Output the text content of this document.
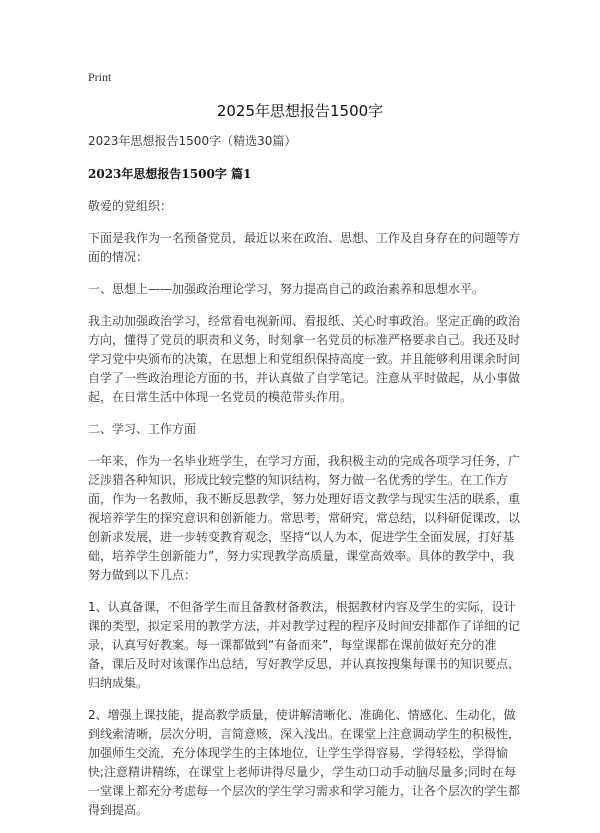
Print
2025年思想报告1500字

2023年思想报告1500字（精选30篇）

2023年思想报告1500字 篇1

敬爱的党组织：

下面是我作为一名预备党员，最近以来在政治、思想、工作及自身存在的问题等方面的情况：

一、思想上——加强政治理论学习，努力提高自己的政治素养和思想水平。

我主动加强政治学习，经常看电视新闻、看报纸、关心时事政治。坚定正确的政治方向，懂得了党员的职责和义务，时刻拿一名党员的标准严格要求自己。我还及时学习党中央颁布的决策，在思想上和党组织保持高度一致。并且能够利用课余时间自学了一些政治理论方面的书，并认真做了自学笔记。注意从平时做起，从小事做起，在日常生活中体现一名党员的模范带头作用。

二、学习、工作方面

一年来，作为一名毕业班学生，在学习方面，我积极主动的完成各项学习任务，广泛涉猎各种知识，形成比较完整的知识结构，努力做一名优秀的学生。在工作方面，作为一名教师，我不断反思教学，努力处理好语文教学与现实生活的联系，重视培养学生的探究意识和创新能力。常思考，常研究，常总结，以科研促课改，以创新求发展，进一步转变教育观念，坚持“以人为本，促进学生全面发展，打好基础，培养学生创新能力”，努力实现教学高质量，课堂高效率。具体的教学中，我努力做到以下几点：

1、认真备课，不但备学生而且备教材备教法，根据教材内容及学生的实际，设计课的类型，拟定采用的教学方法，并对教学过程的程序及时间安排都作了详细的记录，认真写好教案。每一课都做到“有备而来”，每堂课都在课前做好充分的准备，课后及时对该课作出总结，写好教学反思，并认真按搜集每课书的知识要点，归纳成集。

2、增强上课技能，提高教学质量，使讲解清晰化、准确化、情感化、生动化，做到线索清晰，层次分明，言简意赅，深入浅出。在课堂上注意调动学生的积极性，加强师生交流，充分体现学生的主体地位，让学生学得容易，学得轻松，学得愉快;注意精讲精练，在课堂上老师讲得尽量少，学生动口动手动脑尽量多;同时在每一堂课上都充分考虑每一个层次的学生学习需求和学习能力，让各个层次的学生都得到提高。
